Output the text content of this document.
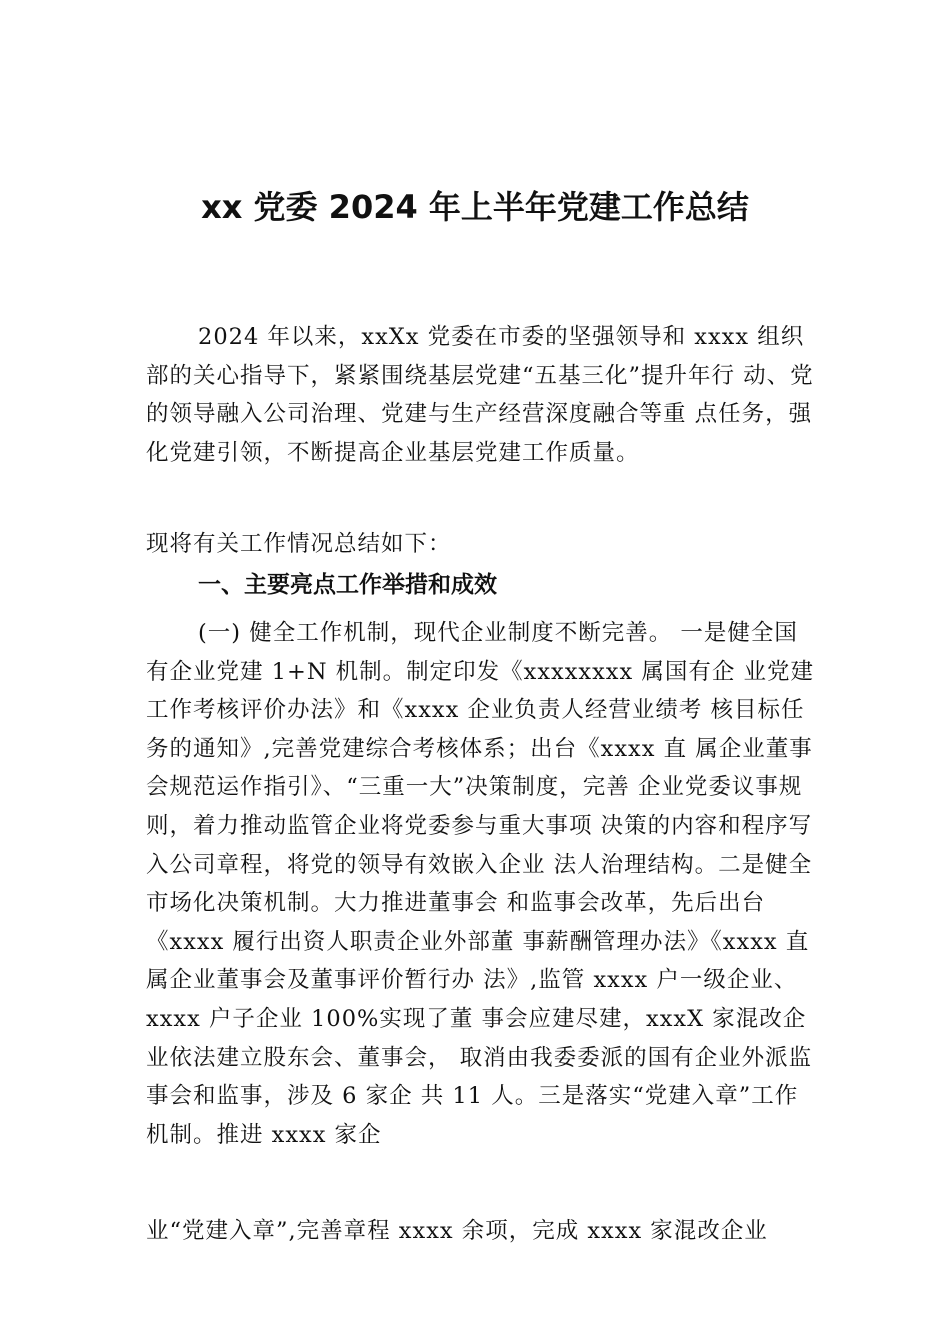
xx 党委 2024 年上半年党建工作总结

2024 年以来，xxXx 党委在市委的坚强领导和 xxxx 组织 部的关心指导下，紧紧围绕基层党建“五基三化”提升年行 动、党的领导融入公司治理、党建与生产经营深度融合等重 点任务，强化党建引领，不断提高企业基层党建工作质量。

现将有关工作情况总结如下：

一、主要亮点工作举措和成效

(一) 健全工作机制，现代企业制度不断完善。 一是健全国有企业党建 1+N 机制。制定印发《xxxxxxxx 属国有企 业党建工作考核评价办法》和《xxxx 企业负责人经营业绩考 核目标任务的通知》,完善党建综合考核体系；出台《xxxx 直 属企业董事会规范运作指引》、“三重一大”决策制度，完善 企业党委议事规则，着力推动监管企业将党委参与重大事项 决策的内容和程序写入公司章程，将党的领导有效嵌入企业 法人治理结构。二是健全市场化决策机制。大力推进董事会 和监事会改革，先后出台《xxxx 履行出资人职责企业外部董 事薪酬管理办法》《xxxx 直属企业董事会及董事评价暂行办 法》,监管 xxxx 户一级企业、xxxx 户子企业 100%实现了董 事会应建尽建，xxxX 家混改企业依法建立股东会、董事会， 取消由我委委派的国有企业外派监事会和监事，涉及 6 家企 共 11 人。三是落实“党建入章”工作机制。推进 xxxx 家企

业“党建入章”,完善章程 xxxx 余项，完成 xxxx 家混改企业
